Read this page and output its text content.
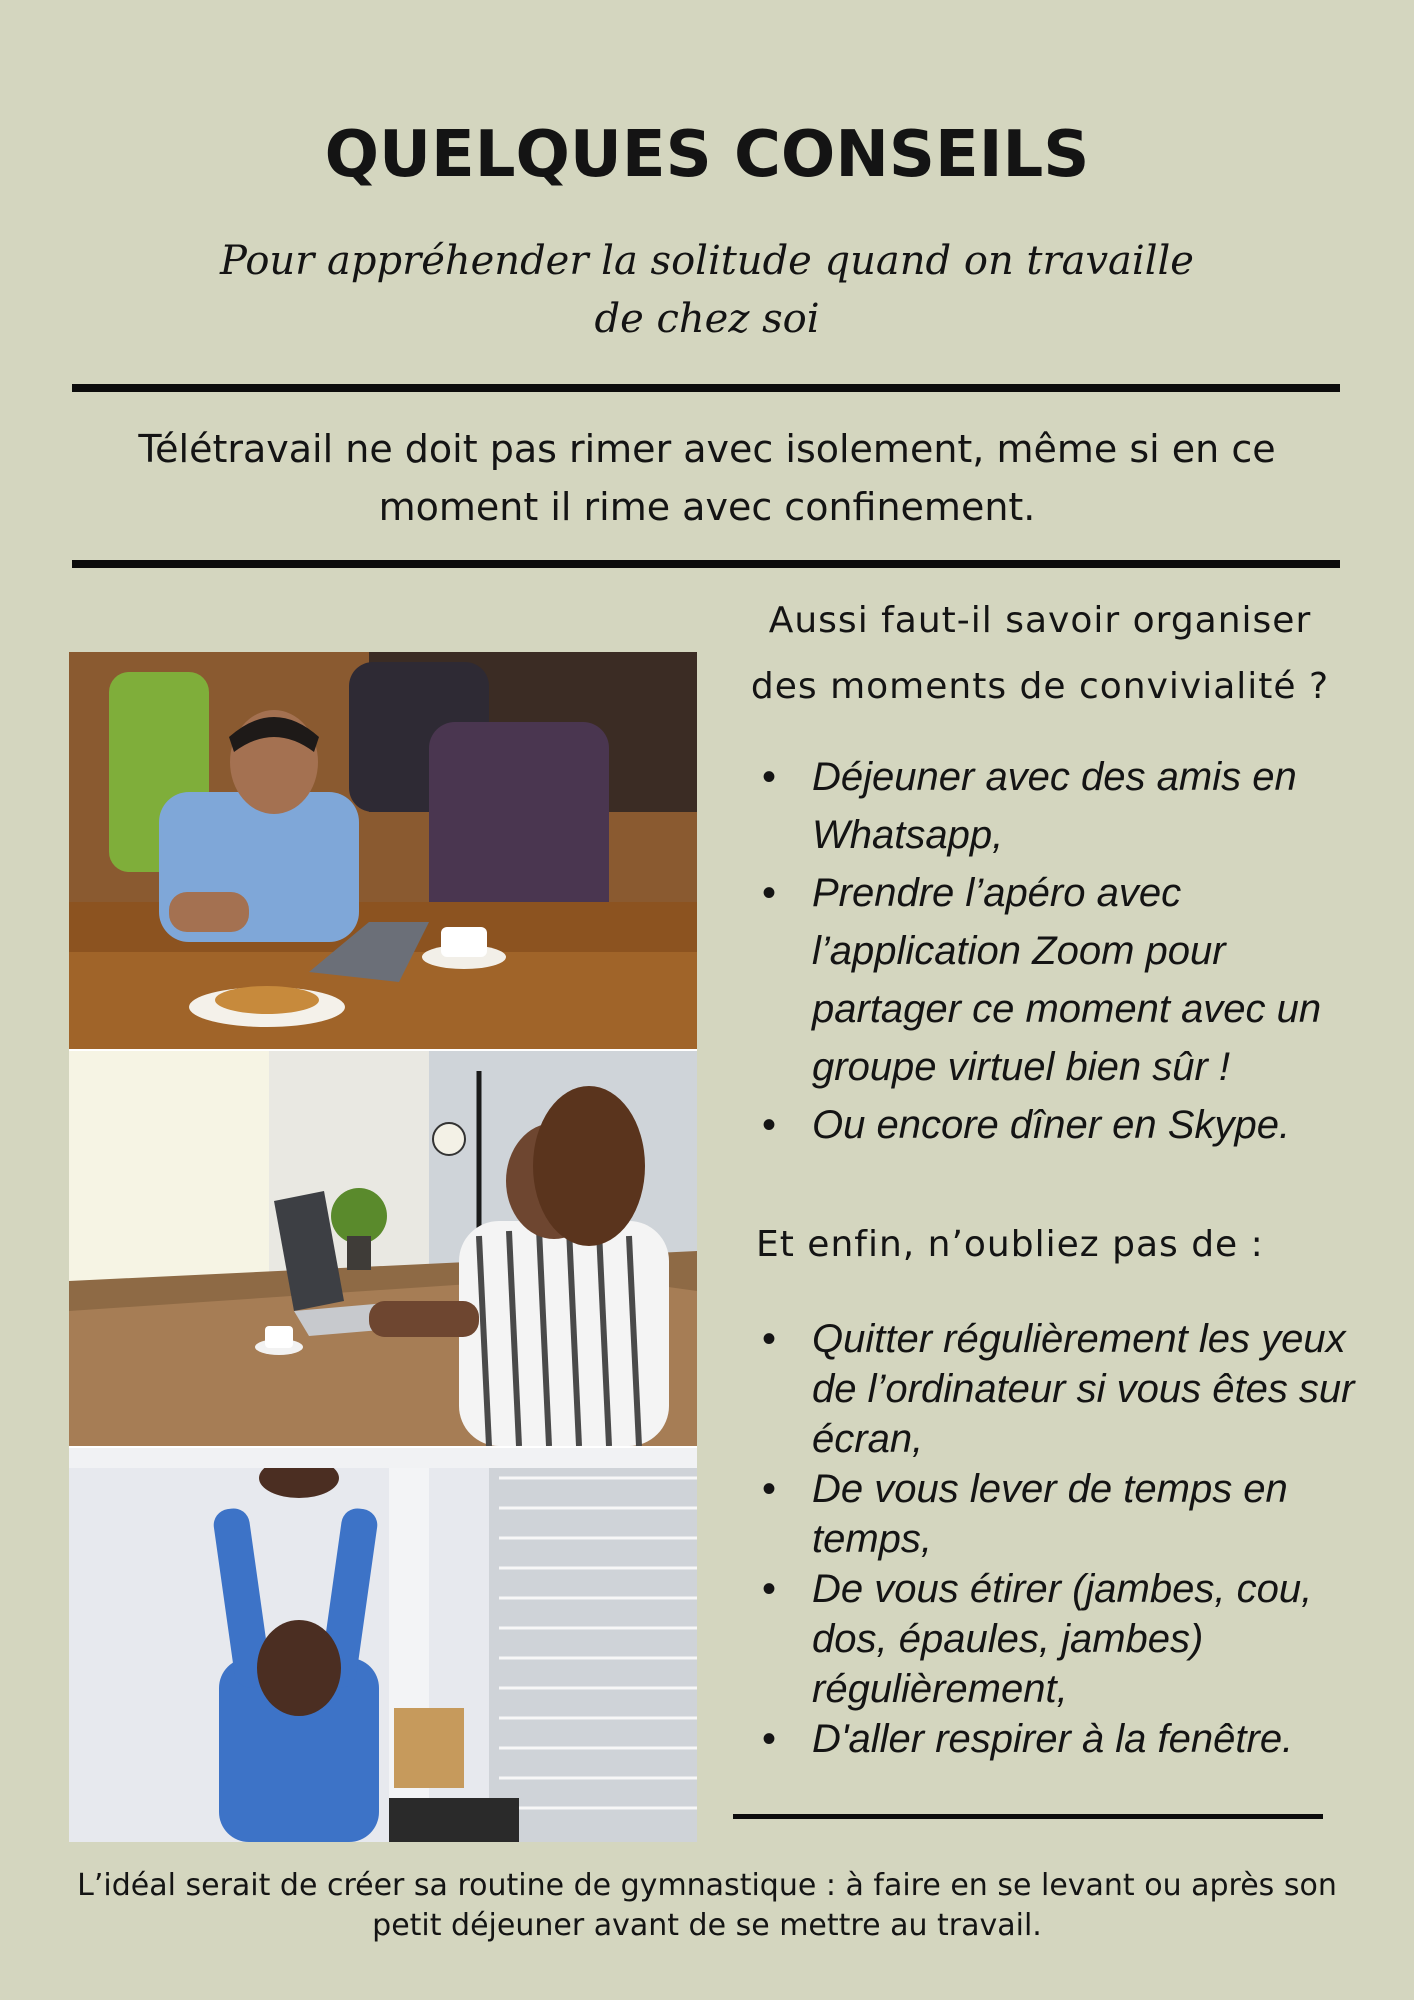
QUELQUES CONSEILS

Pour appréhender la solitude quand on travaille de chez soi

Télétravail ne doit pas rimer avec isolement, même si en ce moment il rime avec confinement.

Aussi faut-il savoir organiser des moments de convivialité ?

• Déjeuner avec des amis en Whatsapp,
• Prendre l’apéro avec l’application Zoom pour partager ce moment avec un groupe virtuel bien sûr !
• Ou encore dîner en Skype.

Et enfin, n’oubliez pas de :

• Quitter régulièrement les yeux de l’ordinateur si vous êtes sur écran,
• De vous lever de temps en temps,
• De vous étirer (jambes, cou, dos, épaules, jambes) régulièrement,
• D'aller respirer à la fenêtre.

L’idéal serait de créer sa routine de gymnastique : à faire en se levant ou après son petit déjeuner avant de se mettre au travail.
